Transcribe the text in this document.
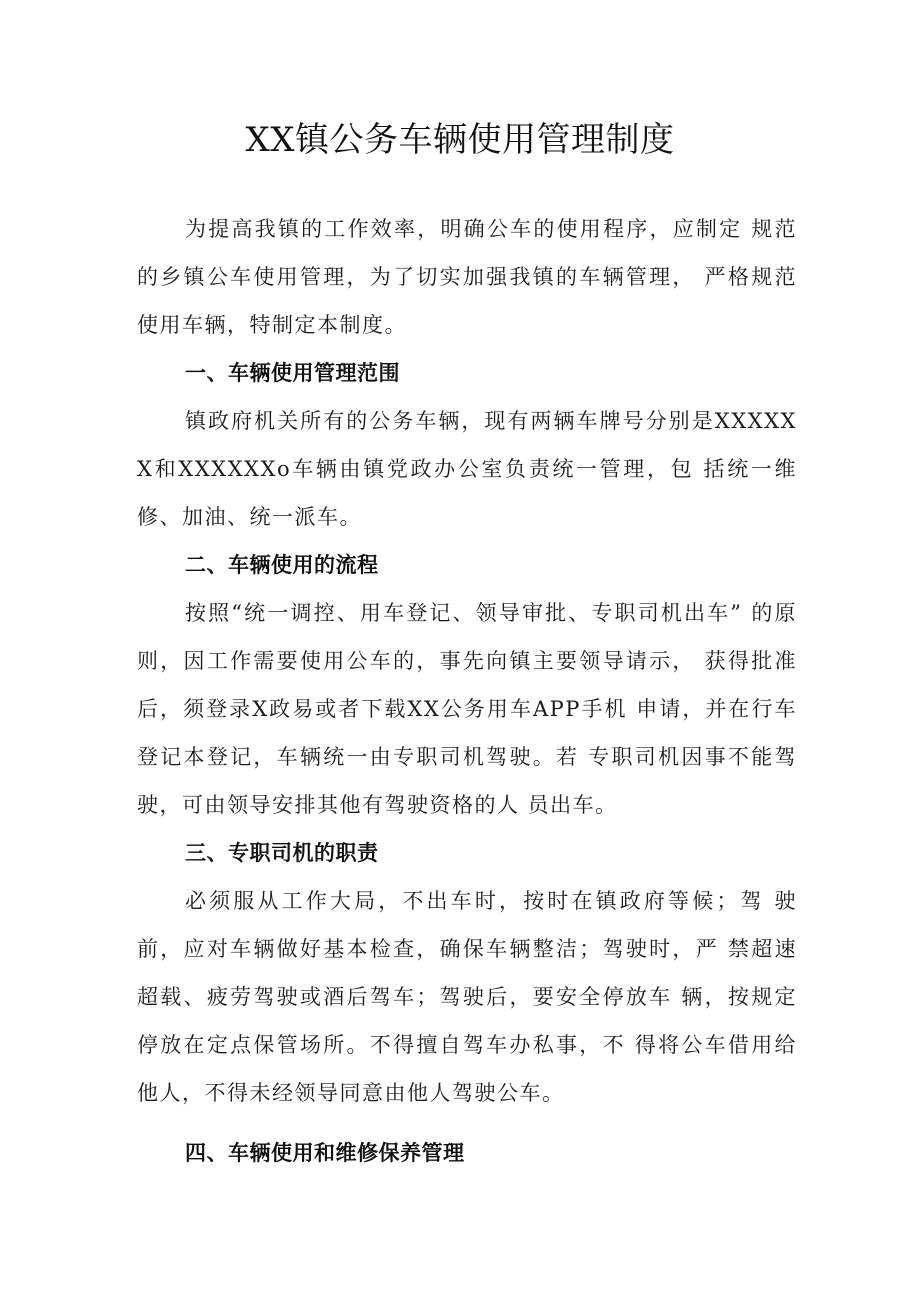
XX镇公务车辆使用管理制度

为提高我镇的工作效率，明确公车的使用程序，应制定 规范的乡镇公车使用管理，为了切实加强我镇的车辆管理， 严格规范使用车辆，特制定本制度。

一、车辆使用管理范围

镇政府机关所有的公务车辆，现有两辆车牌号分别是XXXXXX和XXXXXXo车辆由镇党政办公室负责统一管理，包 括统一维修、加油、统一派车。

二、车辆使用的流程

按照“统一调控、用车登记、领导审批、专职司机出车” 的原则，因工作需要使用公车的，事先向镇主要领导请示， 获得批准后，须登录X政易或者下载XX公务用车APP手机 申请，并在行车登记本登记，车辆统一由专职司机驾驶。若 专职司机因事不能驾驶，可由领导安排其他有驾驶资格的人 员出车。

三、专职司机的职责

必须服从工作大局，不出车时，按时在镇政府等候；驾 驶前，应对车辆做好基本检查，确保车辆整洁；驾驶时，严 禁超速超载、疲劳驾驶或酒后驾车；驾驶后，要安全停放车 辆，按规定停放在定点保管场所。不得擅自驾车办私事，不 得将公车借用给他人，不得未经领导同意由他人驾驶公车。

四、车辆使用和维修保养管理
